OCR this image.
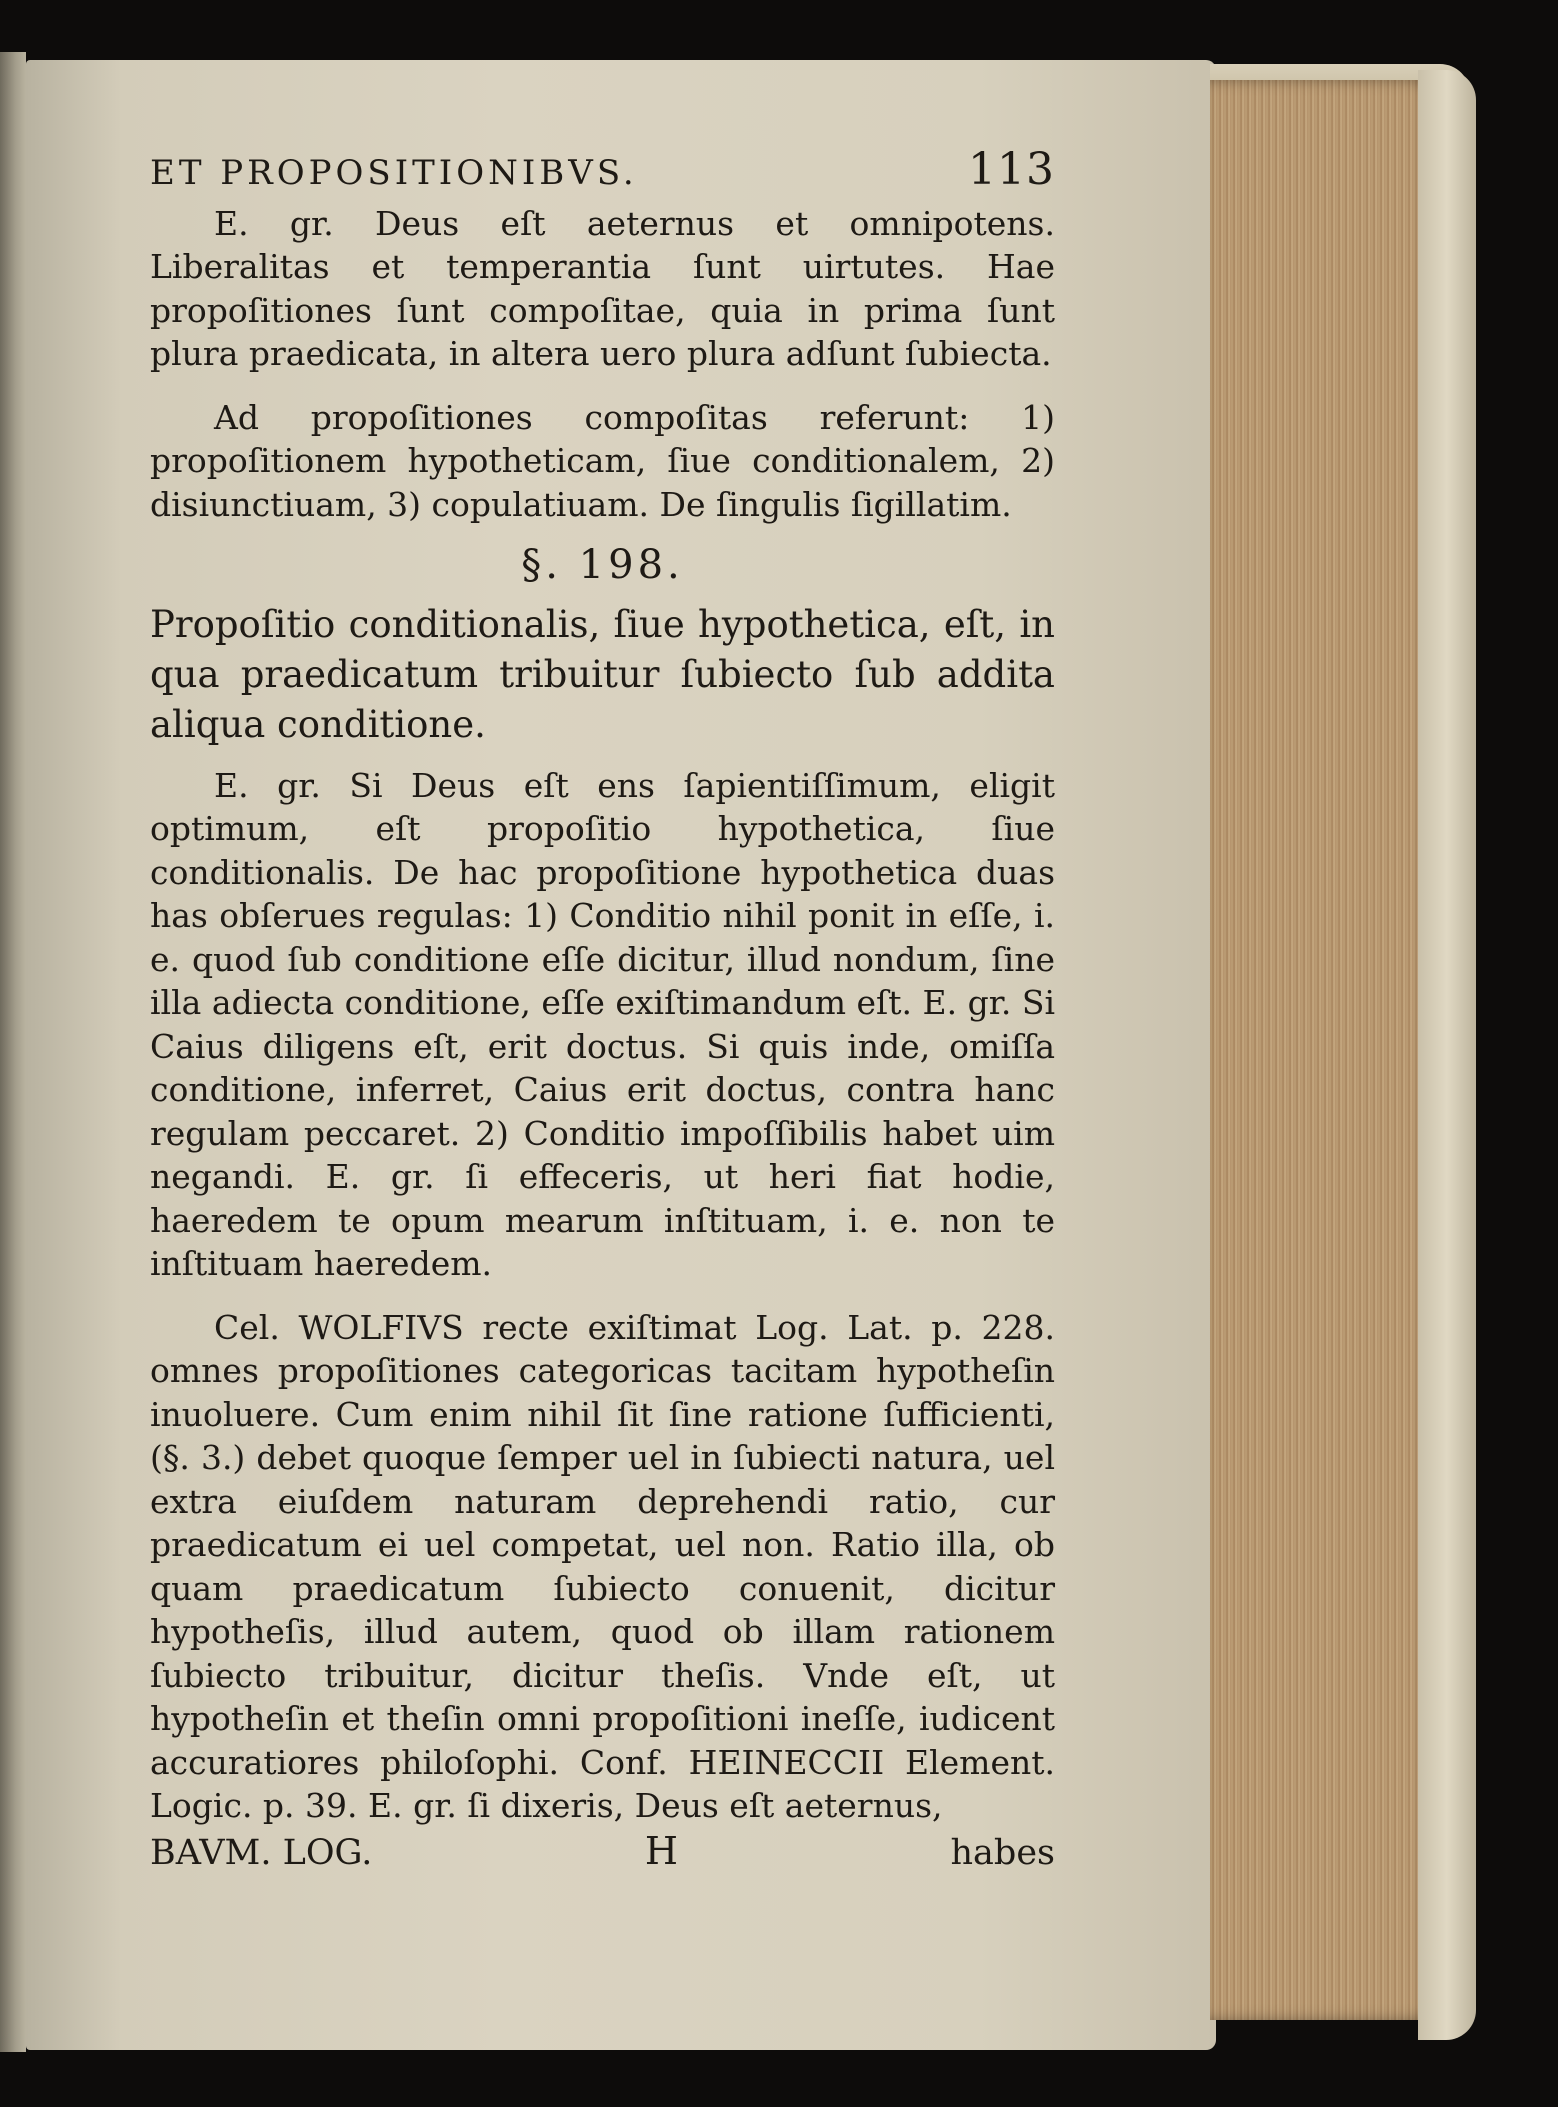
ET PROPOSITIONIBVS.	113

E. gr. Deus eſt aeternus et omnipotens. Liberalitas et temperantia ſunt uirtutes. Hae propoſitiones ſunt compoſitae, quia in prima ſunt plura praedicata, in altera uero plura adſunt ſubiecta.

Ad propoſitiones compoſitas referunt: 1) propoſitionem hypotheticam, ſiue conditionalem, 2) disiunctiuam, 3) copulatiuam. De ſingulis ſigillatim.

§. 198.

Propoſitio conditionalis, ſiue hypothetica, eſt, in qua praedicatum tribuitur ſubiecto ſub addita aliqua conditione.

E. gr. Si Deus eſt ens ſapientiſſimum, eligit optimum, eſt propoſitio hypothetica, ſiue conditionalis. De hac propoſitione hypothetica duas has obſerues regulas: 1) Conditio nihil ponit in eſſe, i. e. quod ſub conditione eſſe dicitur, illud nondum, ſine illa adiecta conditione, eſſe exiſtimandum eſt. E. gr. Si Caius diligens eſt, erit doctus. Si quis inde, omiſſa conditione, inferret, Caius erit doctus, contra hanc regulam peccaret. 2) Conditio impoſſibilis habet uim negandi. E. gr. ſi effeceris, ut heri fiat hodie, haeredem te opum mearum inſtituam, i. e. non te inſtituam haeredem.

Cel. WOLFIVS recte exiſtimat Log. Lat. p. 228. omnes propoſitiones categoricas tacitam hypotheſin inuoluere. Cum enim nihil ſit ſine ratione ſufficienti, (§. 3.) debet quoque ſemper uel in ſubiecti natura, uel extra eiuſdem naturam deprehendi ratio, cur praedicatum ei uel competat, uel non. Ratio illa, ob quam praedicatum ſubiecto conuenit, dicitur hypotheſis, illud autem, quod ob illam rationem ſubiecto tribuitur, dicitur theſis. Vnde eſt, ut hypotheſin et theſin omni propoſitioni ineſſe, iudicent accuratiores philoſophi. Conf. HEINECCII Element. Logic. p. 39. E. gr. ſi dixeris, Deus eſt aeternus,

BAVM. LOG.	H	habes
